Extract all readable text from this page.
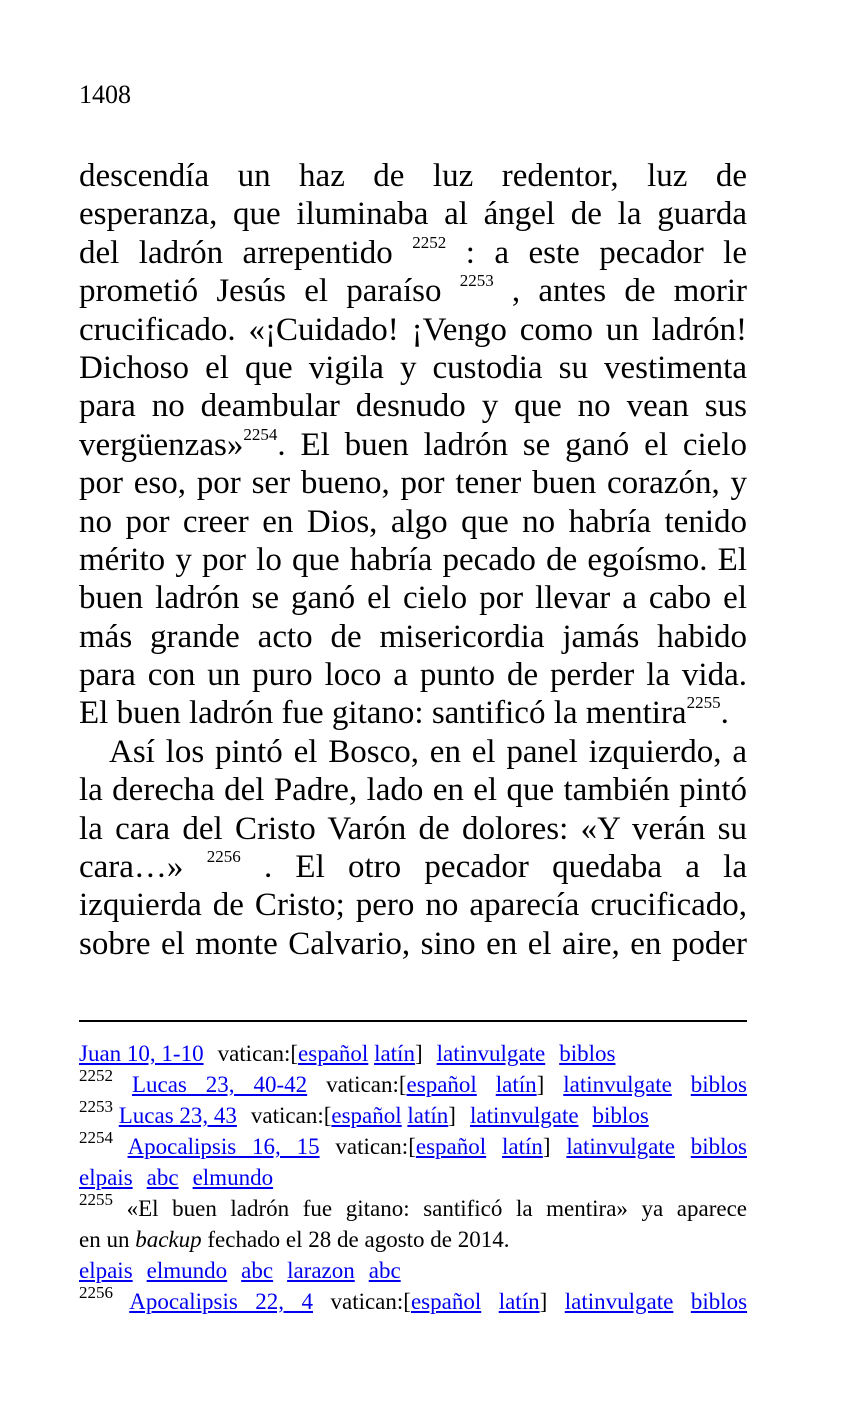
1408
descendía un haz de luz redentor, luz de
esperanza, que iluminaba al ángel de la guarda
del ladrón arrepentido $^{2252}$ : a este pecador le
prometió Jesús el paraíso $^{2253}$ , antes de morir
crucificado. «¡Cuidado! ¡Vengo como un ladrón!
Dichoso el que vigila y custodia su vestimenta
para no deambular desnudo y que no vean sus
vergüenzas»$^{2254}$. El buen ladrón se ganó el cielo
por eso, por ser bueno, por tener buen corazón, y
no por creer en Dios, algo que no habría tenido
mérito y por lo que habría pecado de egoísmo. El
buen ladrón se ganó el cielo por llevar a cabo el
más grande acto de misericordia jamás habido
para con un puro loco a punto de perder la vida.
El buen ladrón fue gitano: santificó la mentira$^{2255}$.
Así los pintó el Bosco, en el panel izquierdo, a
la derecha del Padre, lado en el que también pintó
la cara del Cristo Varón de dolores: «Y verán su
cara…» $^{2256}$ . El otro pecador quedaba a la
izquierda de Cristo; pero no aparecía crucificado,
sobre el monte Calvario, sino en el aire, en poder
Juan 10, 1-10 vatican:[español latín] latinvulgate biblos
$^{2252}$ Lucas 23, 40-42 vatican:[español latín] latinvulgate biblos
$^{2253}$ Lucas 23, 43 vatican:[español latín] latinvulgate biblos
$^{2254}$ Apocalipsis 16, 15 vatican:[español latín] latinvulgate biblos
elpais abc elmundo
$^{2255}$ «El buen ladrón fue gitano: santificó la mentira» ya aparece
en un backup fechado el 28 de agosto de 2014.
elpais elmundo abc larazon abc
$^{2256}$ Apocalipsis 22, 4 vatican:[español latín] latinvulgate biblos
